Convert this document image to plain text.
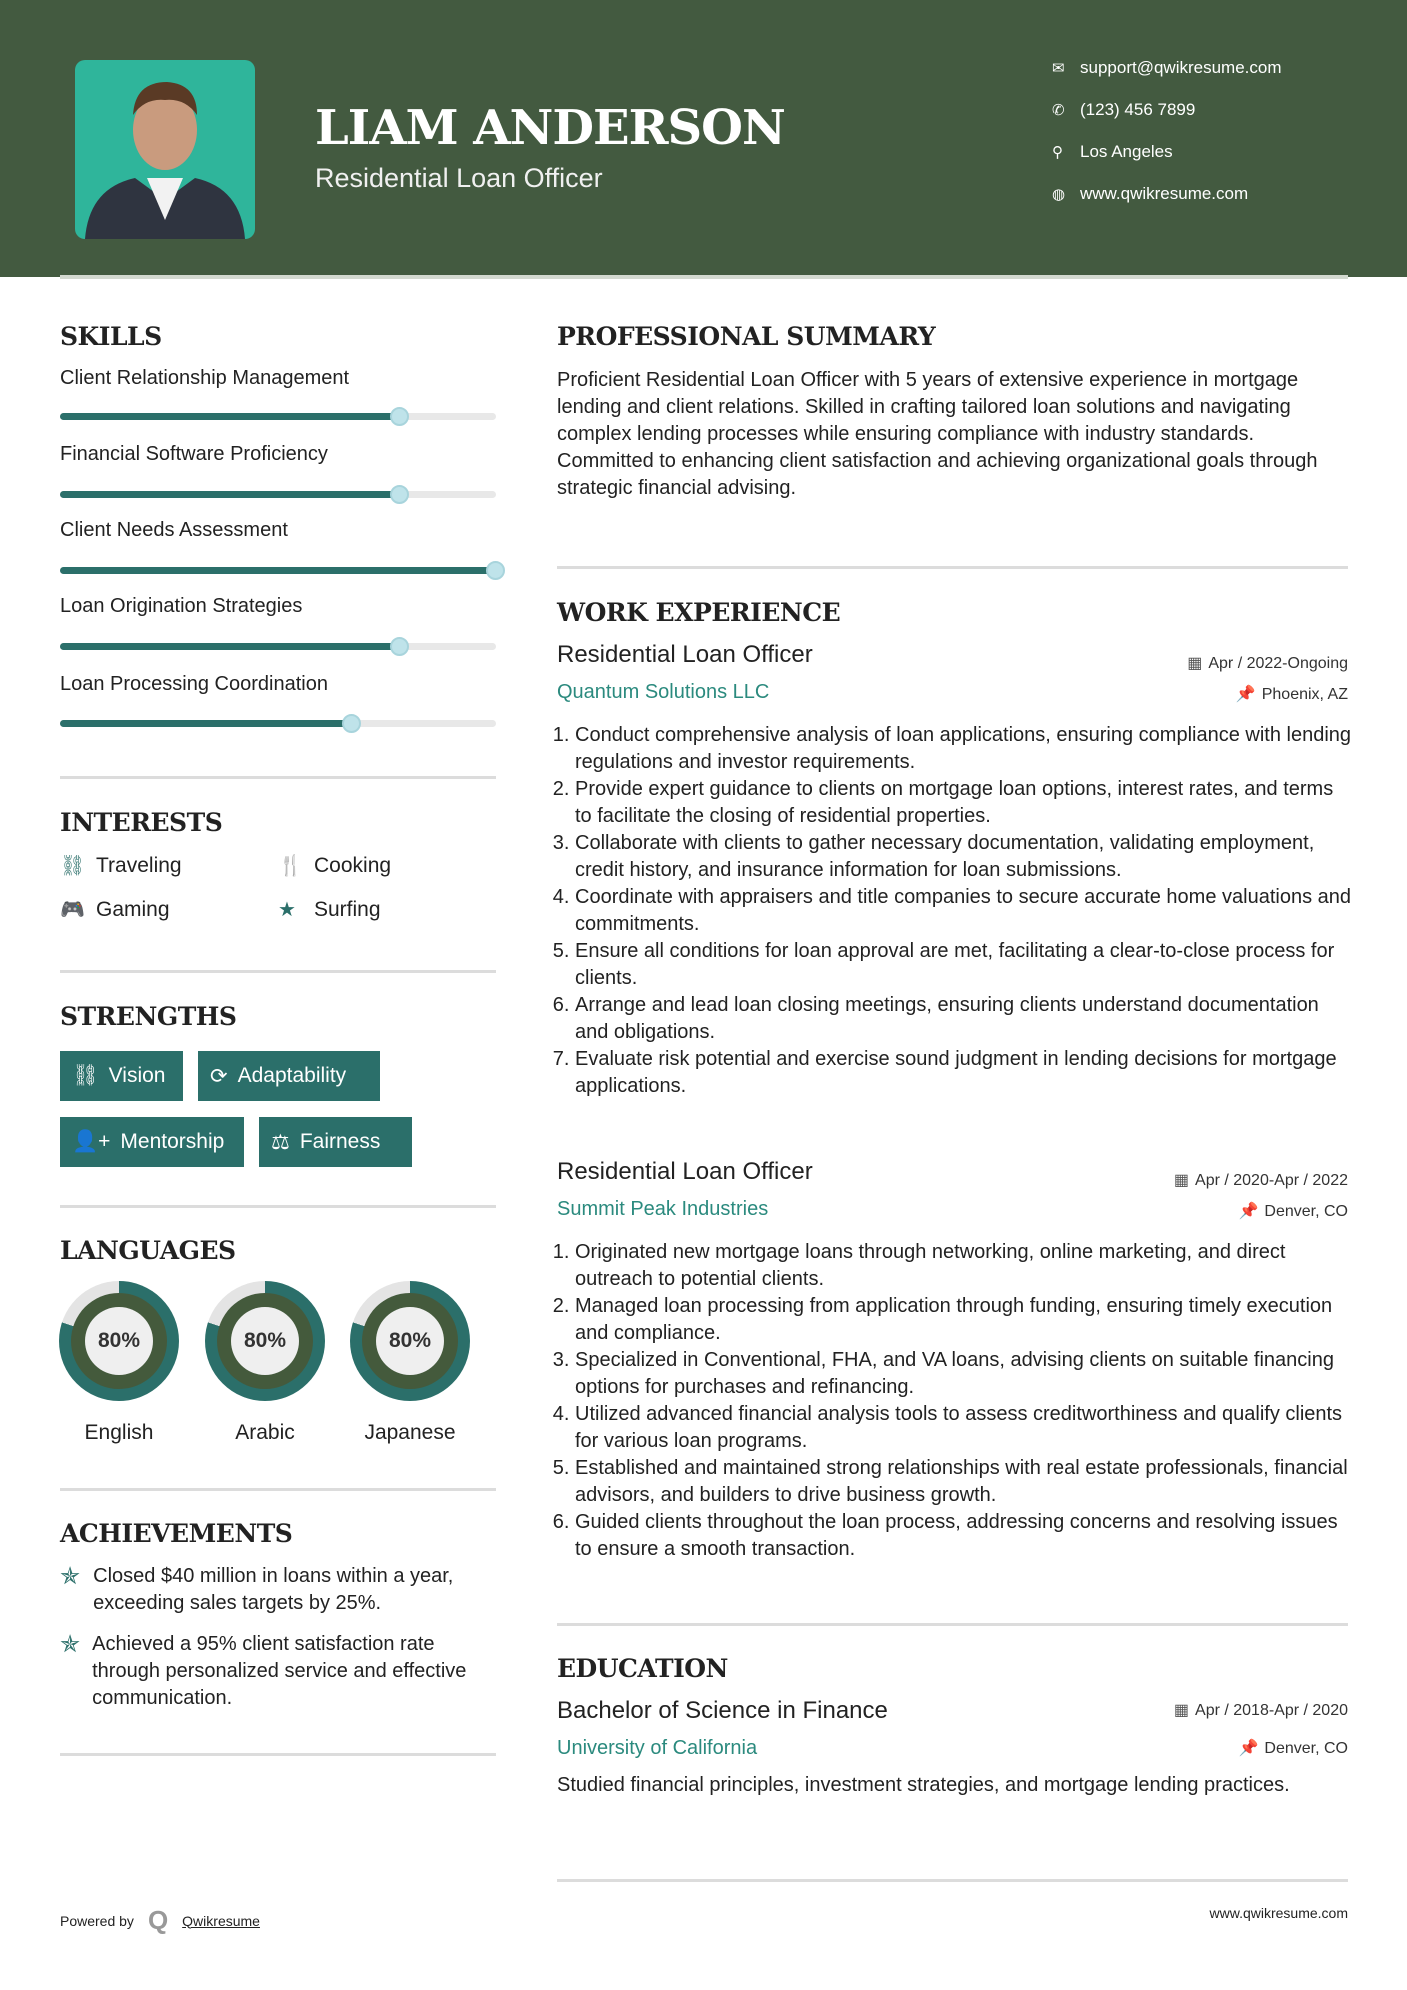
LIAM ANDERSON
Residential Loan Officer
✉ support@qwikresume.com
✆ (123) 456 7899
⚲	Los Angeles
◍ www.qwikresume.com
SKILLS
Client Relationship Management
Financial Software Proficiency
Client Needs Assessment
Loan Origination Strategies
Loan Processing Coordination
INTERESTS
⛓ Traveling	🍴 Cooking
🎮 Gaming	★ Surfing
STRENGTHS
⛓ Vision ⟳ Adaptability
👤+ Mentorship ⚖ Fairness
LANGUAGES
80%
English
80%
Arabic
80%
Japanese
ACHIEVEMENTS
✯ Closed $40 million in loans within a year, exceeding sales targets by 25%.
✯ Achieved a 95% client satisfaction rate through personalized service and effective communication.
PROFESSIONAL SUMMARY
Proficient Residential Loan Officer with 5 years of extensive experience in mortgage lending and client relations. Skilled in crafting tailored loan solutions and navigating complex lending processes while ensuring compliance with industry standards. Committed to enhancing client satisfaction and achieving organizational goals through strategic financial advising.
WORK EXPERIENCE
Residential Loan Officer	▦ Apr / 2022-Ongoing
Quantum Solutions LLC	📌 Phoenix, AZ
1. Conduct comprehensive analysis of loan applications, ensuring compliance with lending regulations and investor requirements.
2. Provide expert guidance to clients on mortgage loan options, interest rates, and terms to facilitate the closing of residential properties.
3. Collaborate with clients to gather necessary documentation, validating employment, credit history, and insurance information for loan submissions.
4. Coordinate with appraisers and title companies to secure accurate home valuations and commitments.
5. Ensure all conditions for loan approval are met, facilitating a clear-to-close process for clients.
6. Arrange and lead loan closing meetings, ensuring clients understand documentation and obligations.
7. Evaluate risk potential and exercise sound judgment in lending decisions for mortgage applications.
Residential Loan Officer	▦ Apr / 2020-Apr / 2022
Summit Peak Industries	📌 Denver, CO
1. Originated new mortgage loans through networking, online marketing, and direct outreach to potential clients.
2. Managed loan processing from application through funding, ensuring timely execution and compliance.
3. Specialized in Conventional, FHA, and VA loans, advising clients on suitable financing options for purchases and refinancing.
4. Utilized advanced financial analysis tools to assess creditworthiness and qualify clients for various loan programs.
5. Established and maintained strong relationships with real estate professionals, financial advisors, and builders to drive business growth.
6. Guided clients throughout the loan process, addressing concerns and resolving issues to ensure a smooth transaction.
EDUCATION
Bachelor of Science in Finance	▦ Apr / 2018-Apr / 2020
University of California	📌 Denver, CO
Studied financial principles, investment strategies, and mortgage lending practices.
Powered by Q Qwikresume	www.qwikresume.com
